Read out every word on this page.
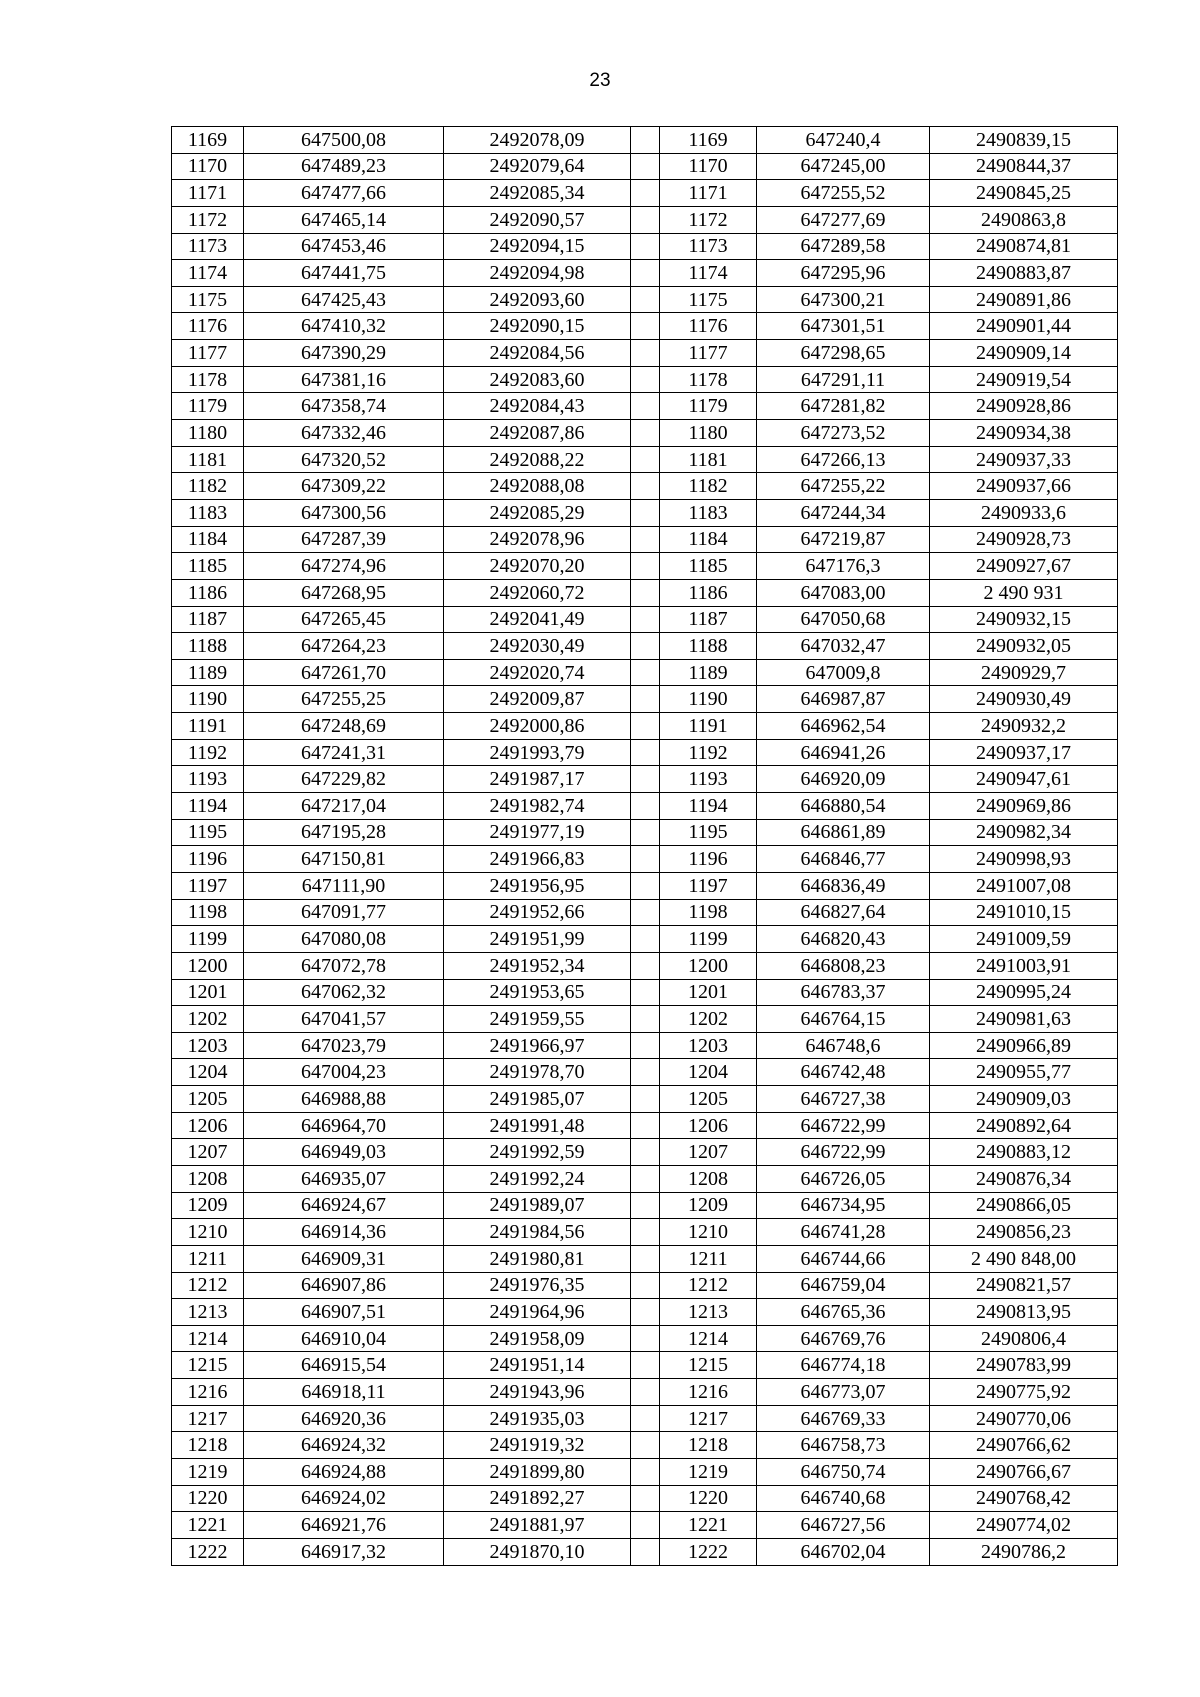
23
1169	647500,08	2492078,09		1169	647240,4	2490839,15
1170	647489,23	2492079,64		1170	647245,00	2490844,37
1171	647477,66	2492085,34		1171	647255,52	2490845,25
1172	647465,14	2492090,57		1172	647277,69	2490863,8
1173	647453,46	2492094,15		1173	647289,58	2490874,81
1174	647441,75	2492094,98		1174	647295,96	2490883,87
1175	647425,43	2492093,60		1175	647300,21	2490891,86
1176	647410,32	2492090,15		1176	647301,51	2490901,44
1177	647390,29	2492084,56		1177	647298,65	2490909,14
1178	647381,16	2492083,60		1178	647291,11	2490919,54
1179	647358,74	2492084,43		1179	647281,82	2490928,86
1180	647332,46	2492087,86		1180	647273,52	2490934,38
1181	647320,52	2492088,22		1181	647266,13	2490937,33
1182	647309,22	2492088,08		1182	647255,22	2490937,66
1183	647300,56	2492085,29		1183	647244,34	2490933,6
1184	647287,39	2492078,96		1184	647219,87	2490928,73
1185	647274,96	2492070,20		1185	647176,3	2490927,67
1186	647268,95	2492060,72		1186	647083,00	2 490 931
1187	647265,45	2492041,49		1187	647050,68	2490932,15
1188	647264,23	2492030,49		1188	647032,47	2490932,05
1189	647261,70	2492020,74		1189	647009,8	2490929,7
1190	647255,25	2492009,87		1190	646987,87	2490930,49
1191	647248,69	2492000,86		1191	646962,54	2490932,2
1192	647241,31	2491993,79		1192	646941,26	2490937,17
1193	647229,82	2491987,17		1193	646920,09	2490947,61
1194	647217,04	2491982,74		1194	646880,54	2490969,86
1195	647195,28	2491977,19		1195	646861,89	2490982,34
1196	647150,81	2491966,83		1196	646846,77	2490998,93
1197	647111,90	2491956,95		1197	646836,49	2491007,08
1198	647091,77	2491952,66		1198	646827,64	2491010,15
1199	647080,08	2491951,99		1199	646820,43	2491009,59
1200	647072,78	2491952,34		1200	646808,23	2491003,91
1201	647062,32	2491953,65		1201	646783,37	2490995,24
1202	647041,57	2491959,55		1202	646764,15	2490981,63
1203	647023,79	2491966,97		1203	646748,6	2490966,89
1204	647004,23	2491978,70		1204	646742,48	2490955,77
1205	646988,88	2491985,07		1205	646727,38	2490909,03
1206	646964,70	2491991,48		1206	646722,99	2490892,64
1207	646949,03	2491992,59		1207	646722,99	2490883,12
1208	646935,07	2491992,24		1208	646726,05	2490876,34
1209	646924,67	2491989,07		1209	646734,95	2490866,05
1210	646914,36	2491984,56		1210	646741,28	2490856,23
1211	646909,31	2491980,81		1211	646744,66	2 490 848,00
1212	646907,86	2491976,35		1212	646759,04	2490821,57
1213	646907,51	2491964,96		1213	646765,36	2490813,95
1214	646910,04	2491958,09		1214	646769,76	2490806,4
1215	646915,54	2491951,14		1215	646774,18	2490783,99
1216	646918,11	2491943,96		1216	646773,07	2490775,92
1217	646920,36	2491935,03		1217	646769,33	2490770,06
1218	646924,32	2491919,32		1218	646758,73	2490766,62
1219	646924,88	2491899,80		1219	646750,74	2490766,67
1220	646924,02	2491892,27		1220	646740,68	2490768,42
1221	646921,76	2491881,97		1221	646727,56	2490774,02
1222	646917,32	2491870,10		1222	646702,04	2490786,2
